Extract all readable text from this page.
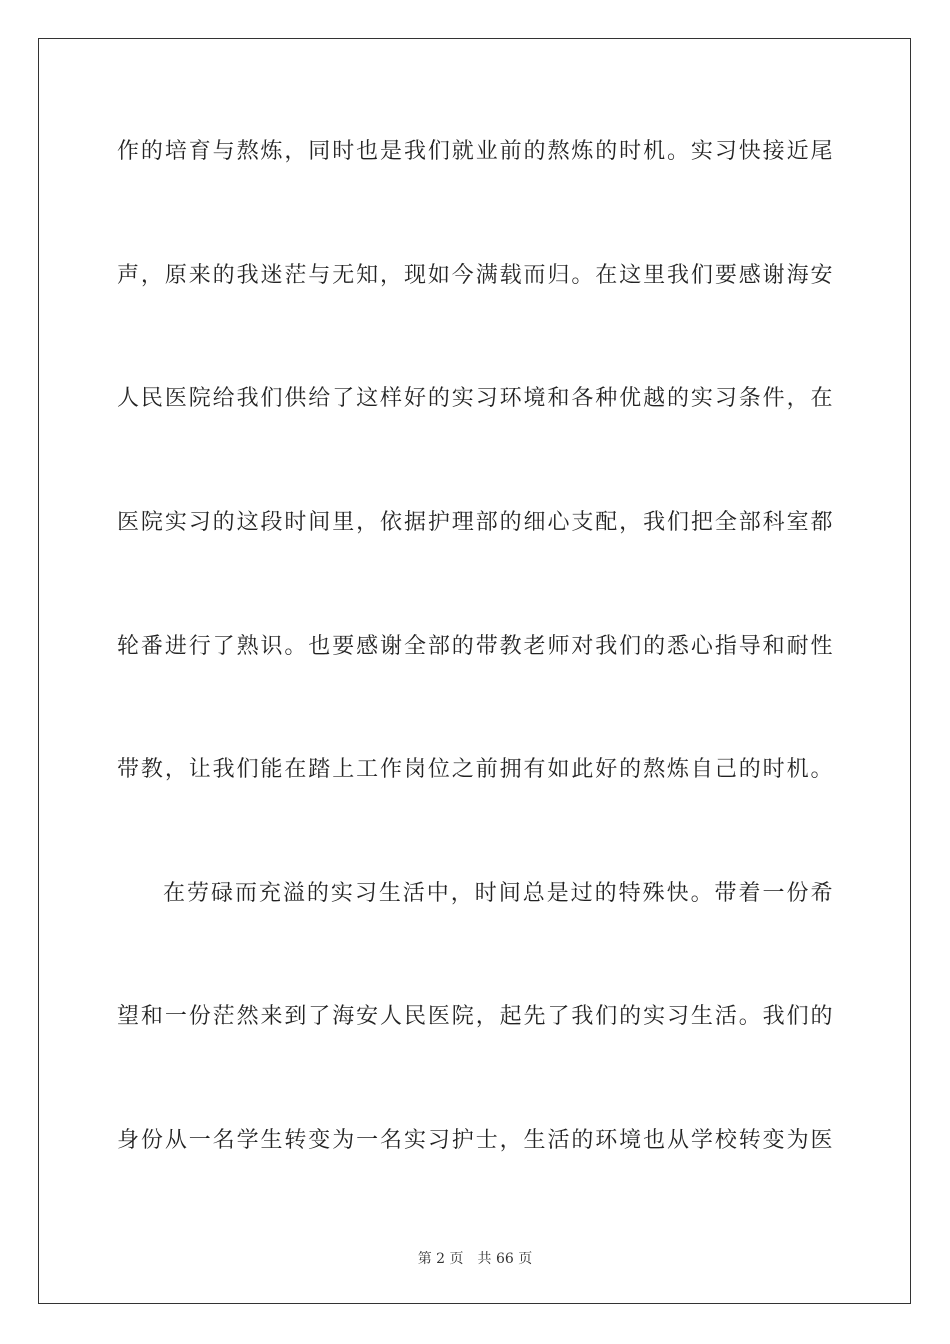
作的培育与熬炼，同时也是我们就业前的熬炼的时机。实习快接近尾
声，原来的我迷茫与无知，现如今满载而归。在这里我们要感谢海安
人民医院给我们供给了这样好的实习环境和各种优越的实习条件，在
医院实习的这段时间里，依据护理部的细心支配，我们把全部科室都
轮番进行了熟识。也要感谢全部的带教老师对我们的悉心指导和耐性
带教，让我们能在踏上工作岗位之前拥有如此好的熬炼自己的时机。
在劳碌而充溢的实习生活中，时间总是过的特殊快。带着一份希
望和一份茫然来到了海安人民医院，起先了我们的实习生活。我们的
身份从一名学生转变为一名实习护士，生活的环境也从学校转变为医
第 2 页 共 66 页
